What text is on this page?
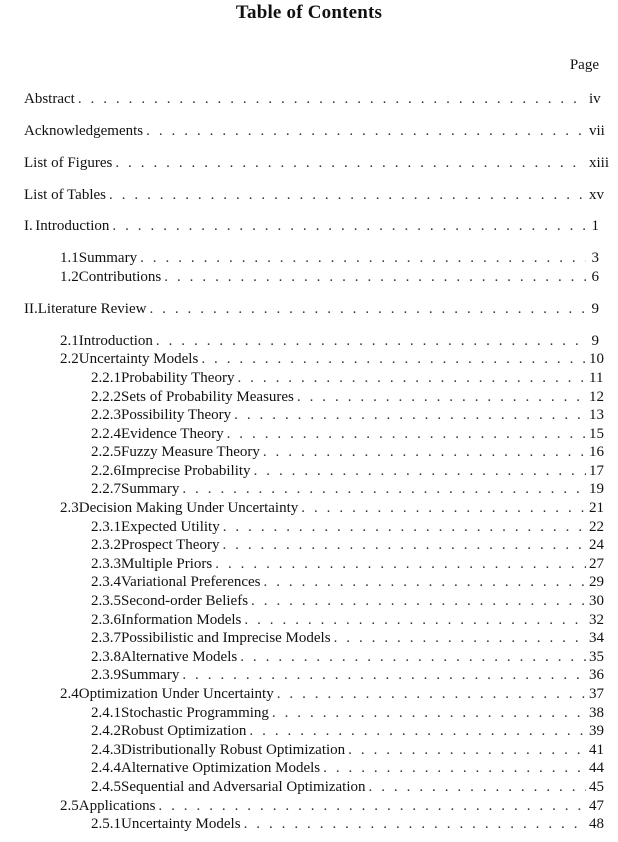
Table of Contents
Page
Abstract . . .	iv
Acknowledgements . . .	vii
List of Figures . . .	xiii
List of Tables . . .	xv
I. Introduction . . .	1
1.1 Summary . . .	3
1.2 Contributions . . .	6
II. Literature Review . . .	9
2.1 Introduction . . .	9
2.2 Uncertainty Models . . .	10
2.2.1 Probability Theory . . .	11
2.2.2 Sets of Probability Measures . . .	12
2.2.3 Possibility Theory . . .	13
2.2.4 Evidence Theory . . .	15
2.2.5 Fuzzy Measure Theory . . .	16
2.2.6 Imprecise Probability . . .	17
2.2.7 Summary . . .	19
2.3 Decision Making Under Uncertainty . . .	21
2.3.1 Expected Utility . . .	22
2.3.2 Prospect Theory . . .	24
2.3.3 Multiple Priors . . .	27
2.3.4 Variational Preferences . . .	29
2.3.5 Second-order Beliefs . . .	30
2.3.6 Information Models . . .	32
2.3.7 Possibilistic and Imprecise Models . . .	34
2.3.8 Alternative Models . . .	35
2.3.9 Summary . . .	36
2.4 Optimization Under Uncertainty . . .	37
2.4.1 Stochastic Programming . . .	38
2.4.2 Robust Optimization . . .	39
2.4.3 Distributionally Robust Optimization . . .	41
2.4.4 Alternative Optimization Models . . .	44
2.4.5 Sequential and Adversarial Optimization . . .	45
2.5 Applications . . .	47
2.5.1 Uncertainty Models . . .	48
